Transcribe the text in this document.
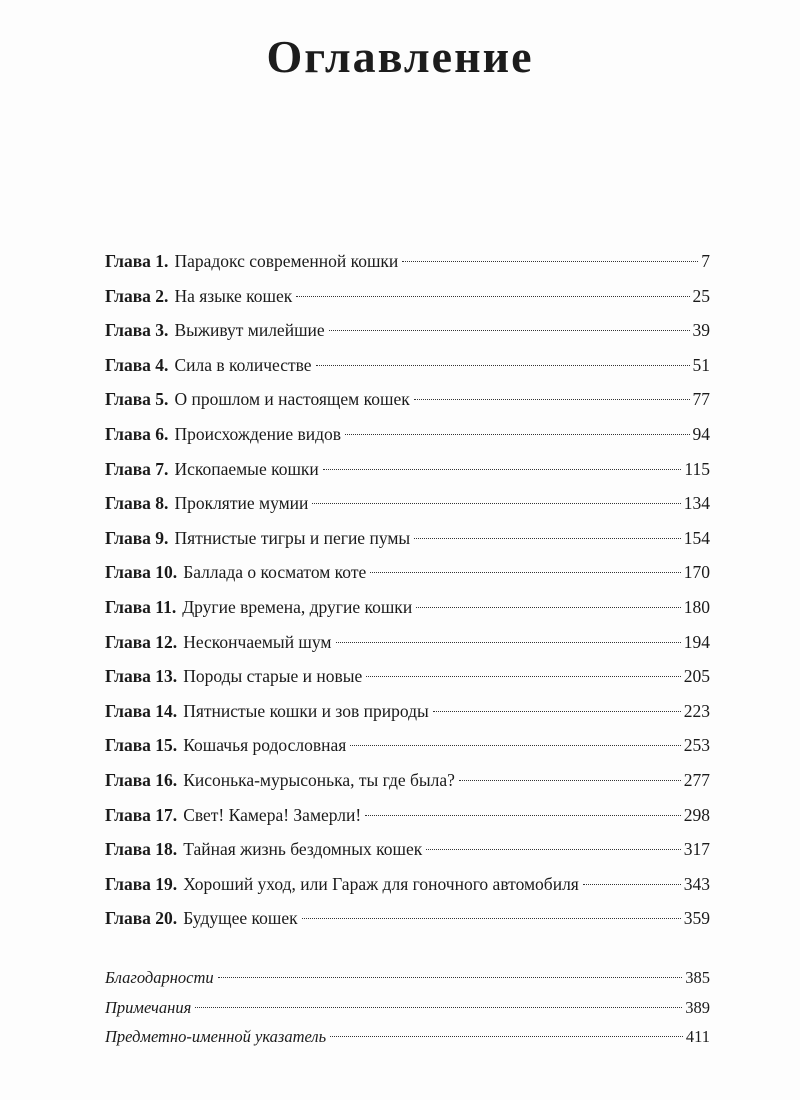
Оглавление
Глава 1. Парадокс современной кошки	7
Глава 2. На языке кошек	25
Глава 3. Выживут милейшие	39
Глава 4. Сила в количестве	51
Глава 5. О прошлом и настоящем кошек	77
Глава 6. Происхождение видов	94
Глава 7. Ископаемые кошки	115
Глава 8. Проклятие мумии	134
Глава 9. Пятнистые тигры и пегие пумы	154
Глава 10. Баллада о косматом коте	170
Глава 11. Другие времена, другие кошки	180
Глава 12. Нескончаемый шум	194
Глава 13. Породы старые и новые	205
Глава 14. Пятнистые кошки и зов природы	223
Глава 15. Кошачья родословная	253
Глава 16. Кисонька-мурысонька, ты где была?	277
Глава 17. Свет! Камера! Замерли!	298
Глава 18. Тайная жизнь бездомных кошек	317
Глава 19. Хороший уход, или Гараж для гоночного автомобиля	343
Глава 20. Будущее кошек	359
Благодарности	385
Примечания	389
Предметно-именной указатель	411
